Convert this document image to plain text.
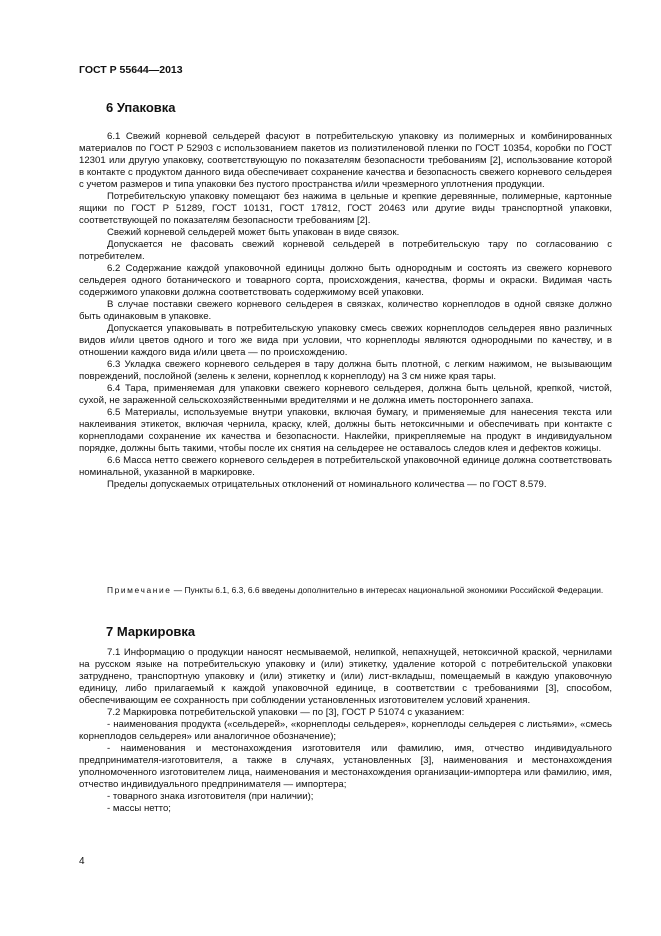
ГОСТ Р 55644—2013
6 Упаковка

6.1 Свежий корневой сельдерей фасуют в потребительскую упаковку из полимерных и комбинированных материалов по ГОСТ Р 52903 с использованием пакетов из полиэтиленовой пленки по ГОСТ 10354, коробки по ГОСТ 12301 или другую упаковку, соответствующую по показателям безопасности требованиям [2], использование которой в контакте с продуктом данного вида обеспечивает сохранение качества и безопасность свежего корневого сельдерея с учетом размеров и типа упаковки без пустого пространства и/или чрезмерного уплотнения продукции.

Потребительскую упаковку помещают без нажима в цельные и крепкие деревянные, полимерные, картонные ящики по ГОСТ Р 51289, ГОСТ 10131, ГОСТ 17812, ГОСТ 20463 или другие виды транспортной упаковки, соответствующей по показателям безопасности требованиям [2].

Свежий корневой сельдерей может быть упакован в виде связок.

Допускается не фасовать свежий корневой сельдерей в потребительскую тару по согласованию с потребителем.

6.2 Содержание каждой упаковочной единицы должно быть однородным и состоять из свежего корневого сельдерея одного ботанического и товарного сорта, происхождения, качества, формы и окраски. Видимая часть содержимого упаковки должна соответствовать содержимому всей упаковки.

В случае поставки свежего корневого сельдерея в связках, количество корнеплодов в одной связке должно быть одинаковым в упаковке.

Допускается упаковывать в потребительскую упаковку смесь свежих корнеплодов сельдерея явно различных видов и/или цветов одного и того же вида при условии, что корнеплоды являются однородными по качеству, и в отношении каждого вида и/или цвета — по происхождению.

6.3 Укладка свежего корневого сельдерея в тару должна быть плотной, с легким нажимом, не вызывающим повреждений, послойной (зелень к зелени, корнеплод к корнеплоду) на 3 см ниже края тары.

6.4 Тара, применяемая для упаковки свежего корневого сельдерея, должна быть цельной, крепкой, чистой, сухой, не зараженной сельскохозяйственными вредителями и не должна иметь постороннего запаха.

6.5 Материалы, используемые внутри упаковки, включая бумагу, и применяемые для нанесения текста или наклеивания этикеток, включая чернила, краску, клей, должны быть нетоксичными и обеспечивать при контакте с корнеплодами сохранение их качества и безопасности. Наклейки, прикрепляемые на продукт в индивидуальном порядке, должны быть такими, чтобы после их снятия на сельдерее не оставалось следов клея и дефектов кожицы.

6.6 Масса нетто свежего корневого сельдерея в потребительской упаковочной единице должна соответствовать номинальной, указанной в маркировке.

Пределы допускаемых отрицательных отклонений от номинального количества — по ГОСТ 8.579.

Примечание — Пункты 6.1, 6.3, 6.6 введены дополнительно в интересах национальной экономики Российской Федерации.

7 Маркировка

7.1 Информацию о продукции наносят несмываемой, нелипкой, непахнущей, нетоксичной краской, чернилами на русском языке на потребительскую упаковку и (или) этикетку, удаление которой с потребительской упаковки затруднено, транспортную упаковку и (или) этикетку и (или) лист-вкладыш, помещаемый в каждую упаковочную единицу, либо прилагаемый к каждой упаковочной единице, в соответствии с требованиями [3], способом, обеспечивающим ее сохранность при соблюдении установленных изготовителем условий хранения.

7.2 Маркировка потребительской упаковки — по [3], ГОСТ Р 51074 с указанием:

- наименования продукта («сельдерей», «корнеплоды сельдерея», корнеплоды сельдерея с листьями», «смесь корнеплодов сельдерея» или аналогичное обозначение);

- наименования и местонахождения изготовителя или фамилию, имя, отчество индивидуального предпринимателя-изготовителя, а также в случаях, установленных [3], наименования и местонахождения уполномоченного изготовителем лица, наименования и местонахождения организации-импортера или фамилию, имя, отчество индивидуального предпринимателя — импортера;

- товарного знака изготовителя (при наличии);

- массы нетто;

4
